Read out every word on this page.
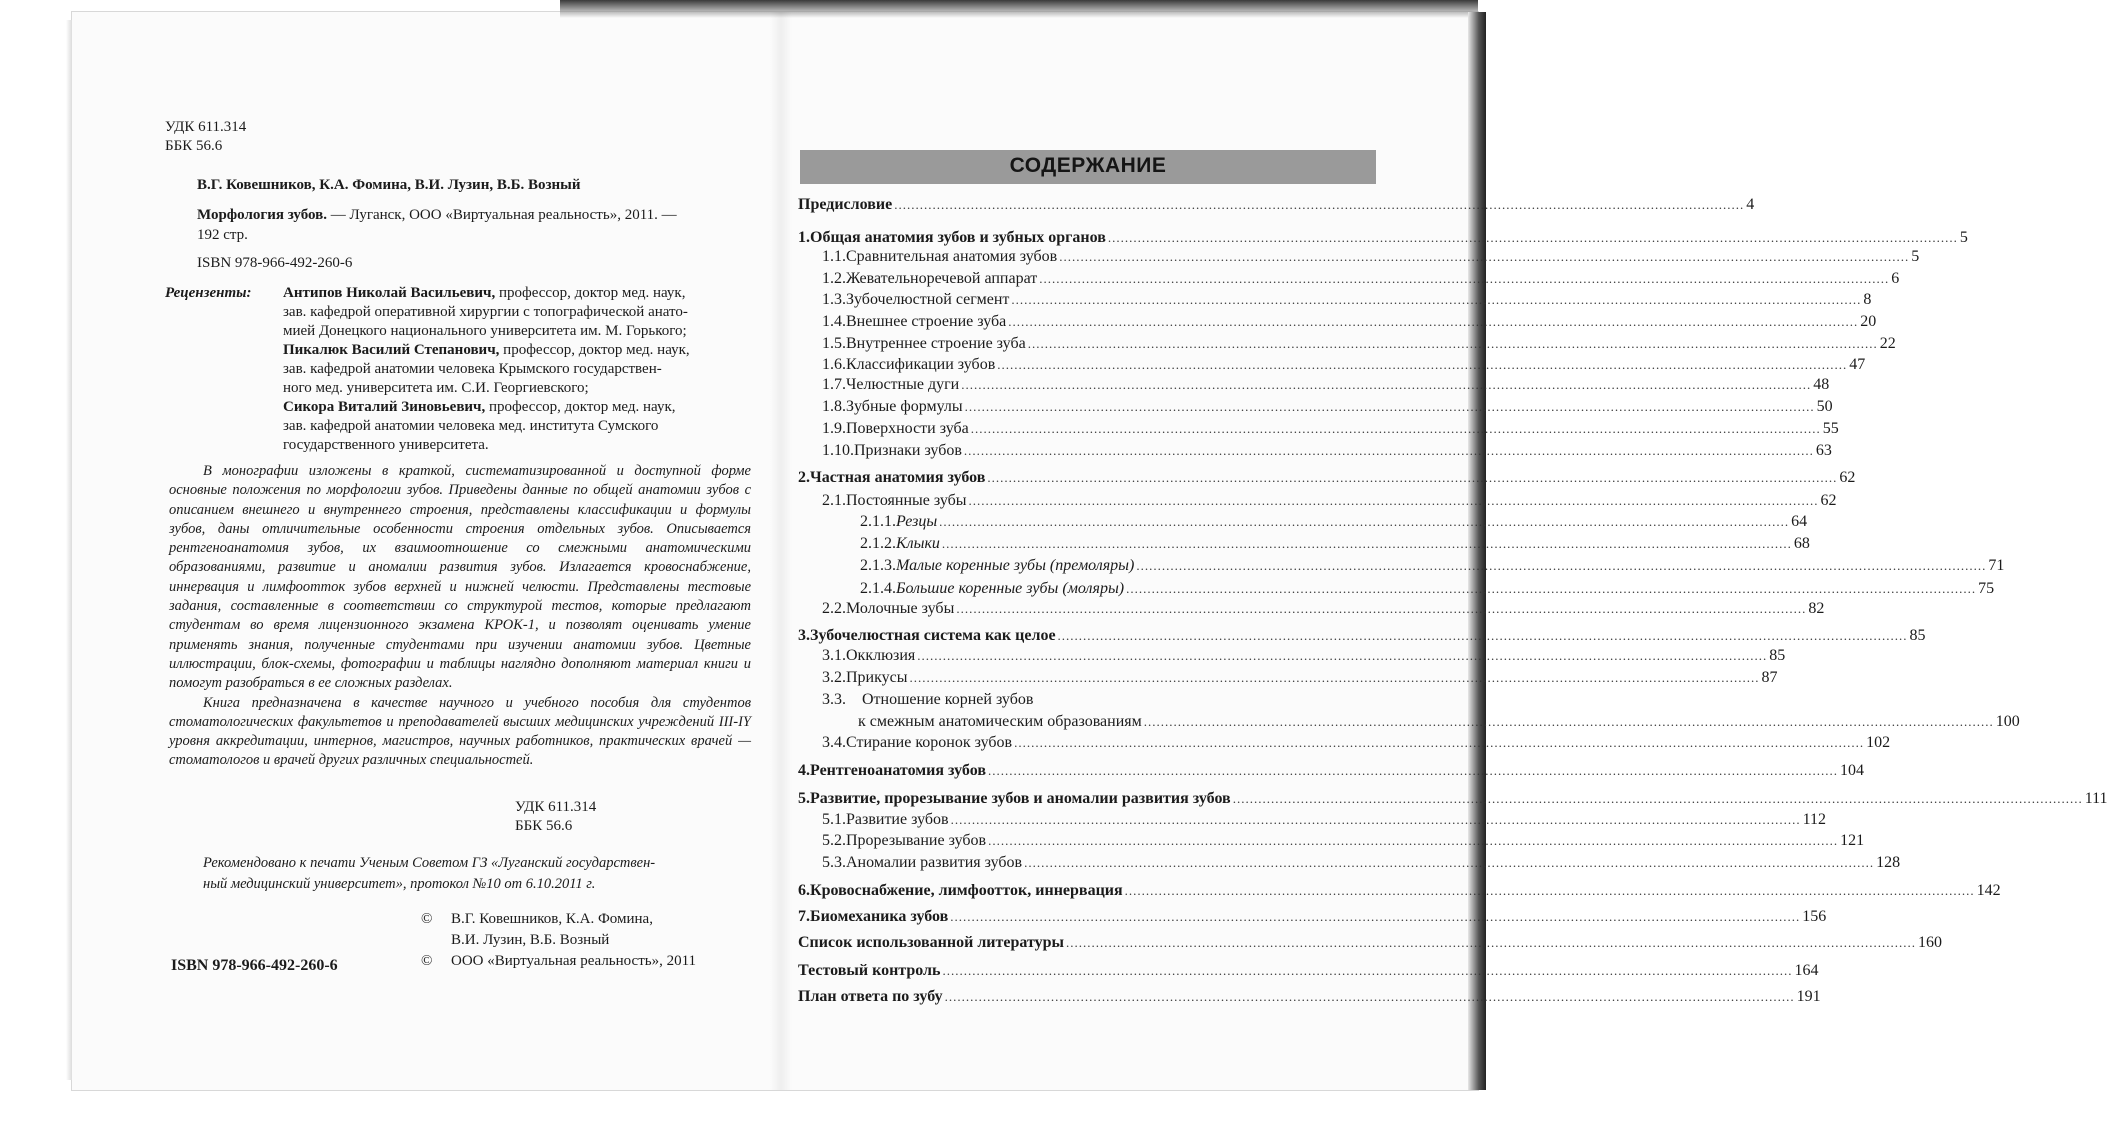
УДК 611.314
ББК 56.6
В.Г. Ковешников, К.А. Фомина, В.И. Лузин, В.Б. Возный
Морфология зубов. — Луганск, ООО «Виртуальная реальность», 2011. —
192 стр.
ISBN 978-966-492-260-6
Рецензенты: Антипов Николай Васильевич, профессор, доктор мед. наук,
зав. кафедрой оперативной хирургии с топографической анато-
мией Донецкого национального университета им. М. Горького;

Пикалюк Василий Степанович, профессор, доктор мед. наук,
зав. кафедрой анатомии человека Крымского государствен-
ного мед. университета им. С.И. Георгиевского;

Сикора Виталий Зиновьевич, профессор, доктор мед. наук,
зав. кафедрой анатомии человека мед. института Сумского
государственного университета.

В монографии изложены в краткой, систематизированной и доступной форме основные положения по морфологии зубов. Приведены данные по общей анатомии зубов с описанием внешнего и внутреннего строения, представлены классификации и формулы зубов, даны отличительные особенности строения отдельных зубов. Описывается рентгеноанатомия зубов, их взаимоотношение со смежными анатомическими образованиями, развитие и аномалии развития зубов. Излагается кровоснабжение, иннервация и лимфоотток зубов верхней и нижней челюсти. Представлены тестовые задания, составленные в соответствии со структурой тестов, которые предлагают студентам во время лицензионного экзамена КРОК-1, и позволят оценивать умение применять знания, полученные студентами при изучении анатомии зубов. Цветные иллюстрации, блок-схемы, фотографии и таблицы наглядно дополняют материал книги и помогут разобраться в ее сложных разделах.

Книга предназначена в качестве научного и учебного пособия для студентов стоматологических факультетов и преподавателей высших медицинских учреждений III-IY уровня аккредитации, интернов, магистров, научных работников, практических врачей — стоматологов и врачей других различных специальностей.

УДК 611.314
ББК 56.6
Рекомендовано к печати Ученым Советом ГЗ «Луганский государствен-
ный медицинский университет», протокол №10 от 6.10.2011 г.
© В.Г. Ковешников, К.А. Фомина,
В.И. Лузин, В.Б. Возный
© ООО «Виртуальная реальность», 2011
ISBN 978-966-492-260-6
СОДЕРЖАНИЕ
Предисловие ........................................................................................................................................................................................................ 4
1. Общая анатомия зубов и зубных органов ........................................................................................................................................................................................................ 5
1.1. Сравнительная анатомия зубов ........................................................................................................................................................................................................ 5
1.2. Жевательноречевой аппарат ........................................................................................................................................................................................................ 6
1.3. Зубочелюстной сегмент ........................................................................................................................................................................................................ 8
1.4. Внешнее строение зуба ........................................................................................................................................................................................................ 20
1.5. Внутреннее строение зуба ........................................................................................................................................................................................................ 22
1.6. Классификации зубов ........................................................................................................................................................................................................ 47
1.7. Челюстные дуги ........................................................................................................................................................................................................ 48
1.8. Зубные формулы ........................................................................................................................................................................................................ 50
1.9. Поверхности зуба ........................................................................................................................................................................................................ 55
1.10. Признаки зубов ........................................................................................................................................................................................................ 63
2. Частная анатомия зубов ........................................................................................................................................................................................................ 62
2.1. Постоянные зубы ........................................................................................................................................................................................................ 62
2.1.1. Резцы ........................................................................................................................................................................................................ 64
2.1.2. Клыки ........................................................................................................................................................................................................ 68
2.1.3. Малые коренные зубы (премоляры) ........................................................................................................................................................................................................ 71
2.1.4. Большие коренные зубы (моляры) ........................................................................................................................................................................................................ 75
2.2. Молочные зубы ........................................................................................................................................................................................................ 82
3. Зубочелюстная система как целое ........................................................................................................................................................................................................ 85
3.1. Окклюзия ........................................................................................................................................................................................................ 85
3.2. Прикусы ........................................................................................................................................................................................................ 87
3.3.	Отношение корней зубов
к смежным анатомическим образованиям ........................................................................................................................................................................................................ 100
3.4. Стирание коронок зубов ........................................................................................................................................................................................................ 102
4. Рентгеноанатомия зубов ........................................................................................................................................................................................................ 104
5. Развитие, прорезывание зубов и аномалии развития зубов ........................................................................................................................................................................................................ 111
5.1. Развитие зубов ........................................................................................................................................................................................................ 112
5.2. Прорезывание зубов ........................................................................................................................................................................................................ 121
5.3. Аномалии развития зубов ........................................................................................................................................................................................................ 128
6. Кровоснабжение, лимфоотток, иннервация ........................................................................................................................................................................................................ 142
7. Биомеханика зубов ........................................................................................................................................................................................................ 156
Список использованной литературы ........................................................................................................................................................................................................ 160
Тестовый контроль ........................................................................................................................................................................................................ 164
План ответа по зубу ........................................................................................................................................................................................................ 191
